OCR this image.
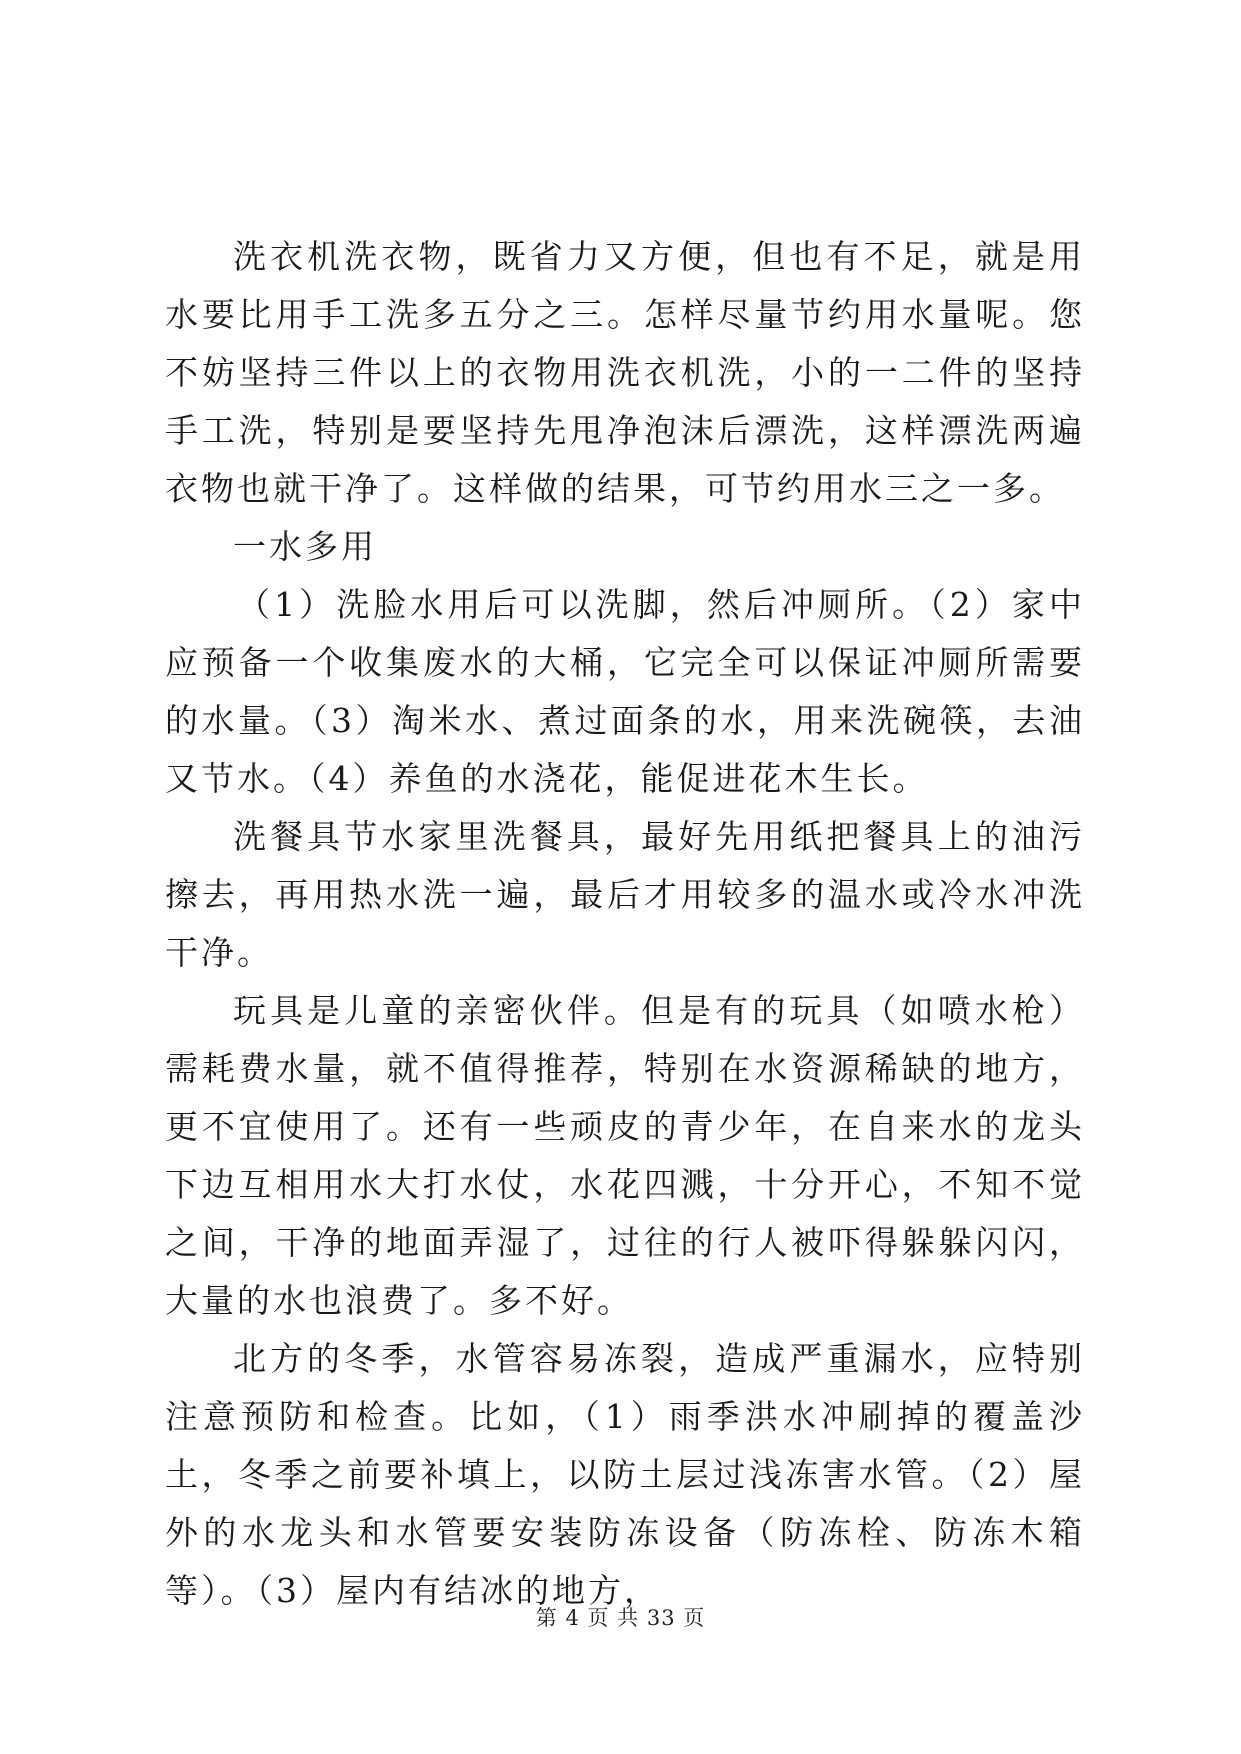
洗衣机洗衣物，既省力又方便，但也有不足，就是用水要比用手工洗多五分之三。怎样尽量节约用水量呢。您不妨坚持三件以上的衣物用洗衣机洗，小的一二件的坚持手工洗，特别是要坚持先甩净泡沫后漂洗，这样漂洗两遍衣物也就干净了。这样做的结果，可节约用水三之一多。

一水多用

（1）洗脸水用后可以洗脚，然后冲厕所。（2）家中应预备一个收集废水的大桶，它完全可以保证冲厕所需要的水量。（3）淘米水、煮过面条的水，用来洗碗筷，去油又节水。（4）养鱼的水浇花，能促进花木生长。

洗餐具节水家里洗餐具，最好先用纸把餐具上的油污擦去，再用热水洗一遍，最后才用较多的温水或冷水冲洗干净。

玩具是儿童的亲密伙伴。但是有的玩具（如喷水枪）需耗费水量，就不值得推荐，特别在水资源稀缺的地方，更不宜使用了。还有一些顽皮的青少年，在自来水的龙头下边互相用水大打水仗，水花四溅，十分开心，不知不觉之间，干净的地面弄湿了，过往的行人被吓得躲躲闪闪，大量的水也浪费了。多不好。

北方的冬季，水管容易冻裂，造成严重漏水，应特别注意预防和检查。比如，（1）雨季洪水冲刷掉的覆盖沙土，冬季之前要补填上，以防土层过浅冻害水管。（2）屋外的水龙头和水管要安装防冻设备（防冻栓、防冻木箱等）。（3）屋内有结冰的地方，

第 4 页 共 33 页
